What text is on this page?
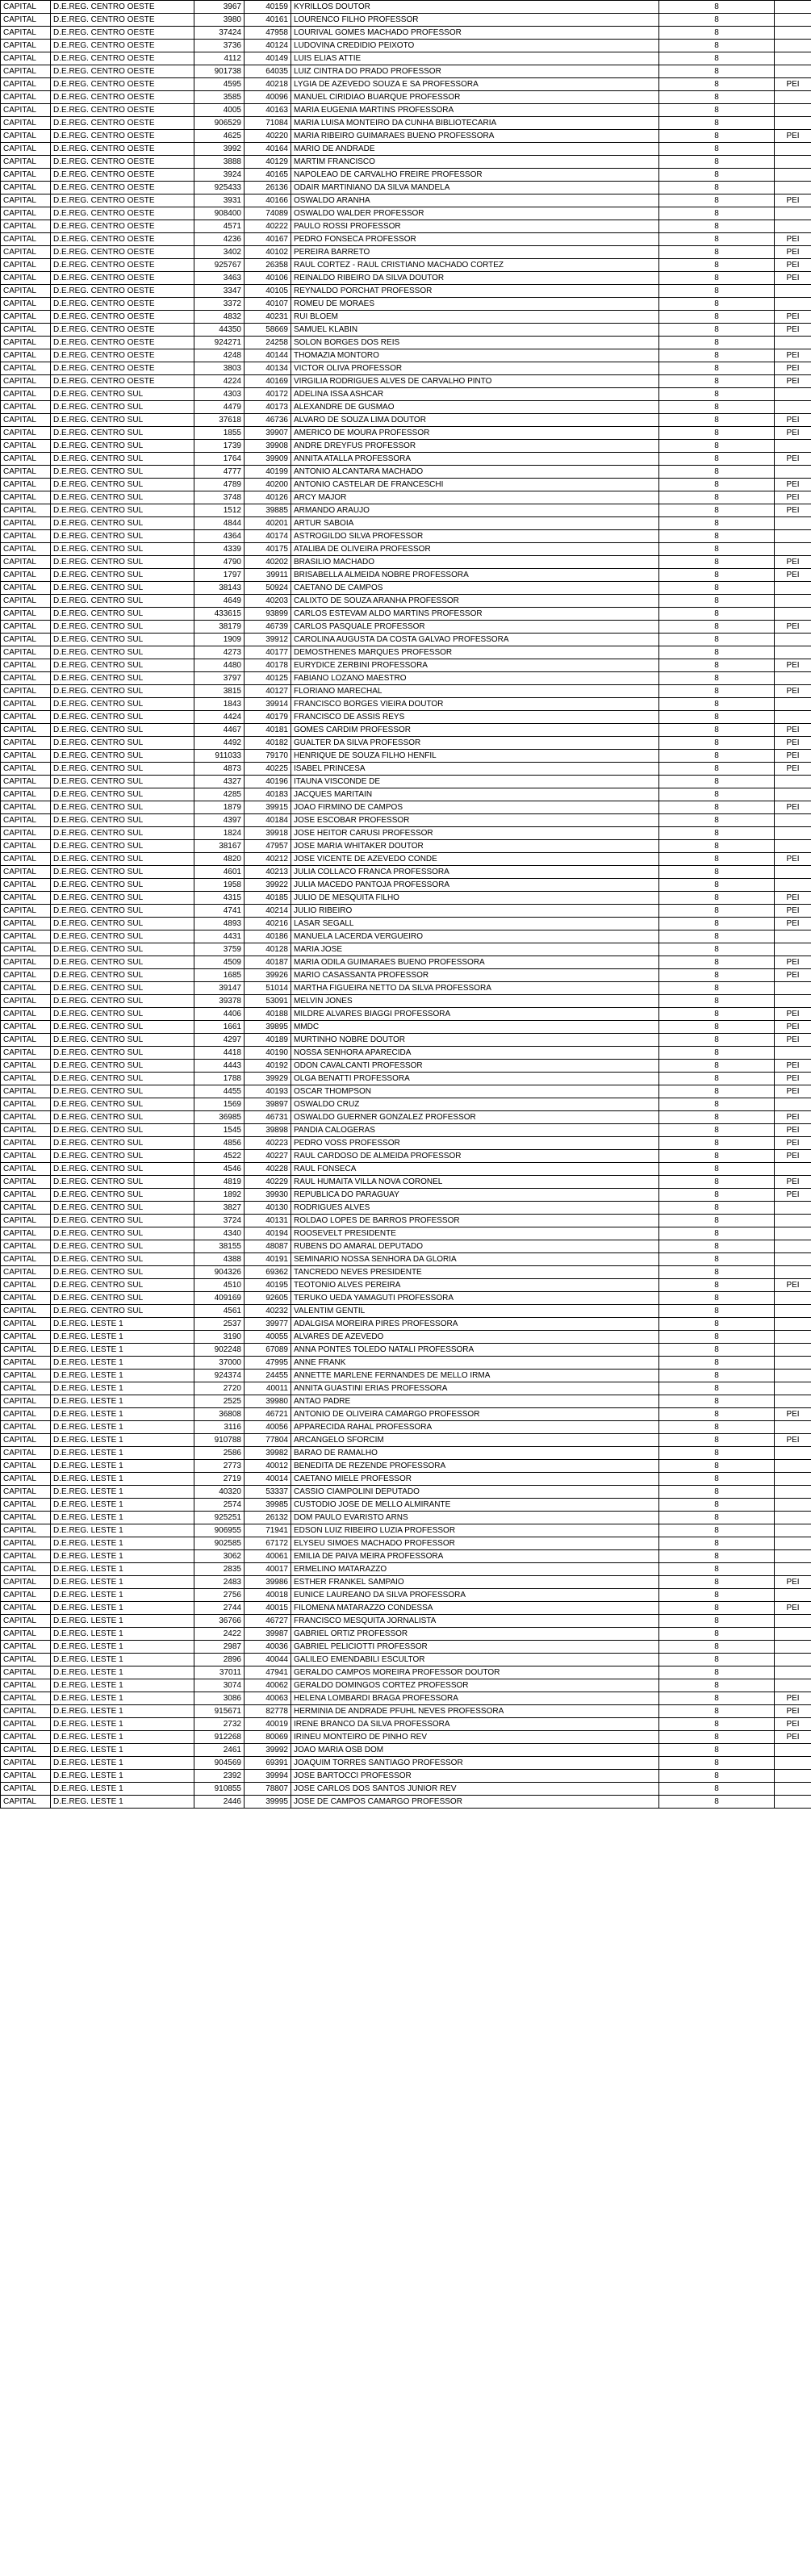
CAPITAL	D.E.REG. CENTRO OESTE	3967	40159	KYRILLOS DOUTOR	8	
CAPITAL	D.E.REG. CENTRO OESTE	3980	40161	LOURENCO FILHO PROFESSOR	8	
CAPITAL	D.E.REG. CENTRO OESTE	37424	47958	LOURIVAL GOMES MACHADO PROFESSOR	8	
CAPITAL	D.E.REG. CENTRO OESTE	3736	40124	LUDOVINA CREDIDIO PEIXOTO	8	
CAPITAL	D.E.REG. CENTRO OESTE	4112	40149	LUIS ELIAS ATTIE	8	
CAPITAL	D.E.REG. CENTRO OESTE	901738	64035	LUIZ CINTRA DO PRADO PROFESSOR	8	
CAPITAL	D.E.REG. CENTRO OESTE	4595	40218	LYGIA DE AZEVEDO SOUZA E SA PROFESSORA	8	PEI
CAPITAL	D.E.REG. CENTRO OESTE	3585	40096	MANUEL CIRIDIAO BUARQUE PROFESSOR	8	
CAPITAL	D.E.REG. CENTRO OESTE	4005	40163	MARIA EUGENIA MARTINS PROFESSORA	8	
CAPITAL	D.E.REG. CENTRO OESTE	906529	71084	MARIA LUISA MONTEIRO DA CUNHA BIBLIOTECARIA	8	
CAPITAL	D.E.REG. CENTRO OESTE	4625	40220	MARIA RIBEIRO GUIMARAES BUENO PROFESSORA	8	PEI
CAPITAL	D.E.REG. CENTRO OESTE	3992	40164	MARIO DE ANDRADE	8	
CAPITAL	D.E.REG. CENTRO OESTE	3888	40129	MARTIM FRANCISCO	8	
CAPITAL	D.E.REG. CENTRO OESTE	3924	40165	NAPOLEAO DE CARVALHO FREIRE PROFESSOR	8	
CAPITAL	D.E.REG. CENTRO OESTE	925433	26136	ODAIR MARTINIANO DA SILVA MANDELA	8	
CAPITAL	D.E.REG. CENTRO OESTE	3931	40166	OSWALDO ARANHA	8	PEI
CAPITAL	D.E.REG. CENTRO OESTE	908400	74089	OSWALDO WALDER PROFESSOR	8	
CAPITAL	D.E.REG. CENTRO OESTE	4571	40222	PAULO ROSSI PROFESSOR	8	
CAPITAL	D.E.REG. CENTRO OESTE	4236	40167	PEDRO FONSECA PROFESSOR	8	PEI
CAPITAL	D.E.REG. CENTRO OESTE	3402	40102	PEREIRA BARRETO	8	PEI
CAPITAL	D.E.REG. CENTRO OESTE	925767	26358	RAUL CORTEZ - RAUL CRISTIANO MACHADO CORTEZ	8	PEI
CAPITAL	D.E.REG. CENTRO OESTE	3463	40106	REINALDO RIBEIRO DA SILVA DOUTOR	8	PEI
CAPITAL	D.E.REG. CENTRO OESTE	3347	40105	REYNALDO PORCHAT PROFESSOR	8	
CAPITAL	D.E.REG. CENTRO OESTE	3372	40107	ROMEU DE MORAES	8	
CAPITAL	D.E.REG. CENTRO OESTE	4832	40231	RUI BLOEM	8	PEI
CAPITAL	D.E.REG. CENTRO OESTE	44350	58669	SAMUEL KLABIN	8	PEI
CAPITAL	D.E.REG. CENTRO OESTE	924271	24258	SOLON BORGES DOS REIS	8	
CAPITAL	D.E.REG. CENTRO OESTE	4248	40144	THOMAZIA MONTORO	8	PEI
CAPITAL	D.E.REG. CENTRO OESTE	3803	40134	VICTOR OLIVA PROFESSOR	8	PEI
CAPITAL	D.E.REG. CENTRO OESTE	4224	40169	VIRGILIA RODRIGUES ALVES DE CARVALHO PINTO	8	PEI
CAPITAL	D.E.REG. CENTRO SUL	4303	40172	ADELINA ISSA ASHCAR	8	
CAPITAL	D.E.REG. CENTRO SUL	4479	40173	ALEXANDRE DE GUSMAO	8	
CAPITAL	D.E.REG. CENTRO SUL	37618	46736	ALVARO DE SOUZA LIMA DOUTOR	8	PEI
CAPITAL	D.E.REG. CENTRO SUL	1855	39907	AMERICO DE MOURA PROFESSOR	8	PEI
CAPITAL	D.E.REG. CENTRO SUL	1739	39908	ANDRE DREYFUS PROFESSOR	8	
CAPITAL	D.E.REG. CENTRO SUL	1764	39909	ANNITA ATALLA PROFESSORA	8	PEI
CAPITAL	D.E.REG. CENTRO SUL	4777	40199	ANTONIO ALCANTARA MACHADO	8	
CAPITAL	D.E.REG. CENTRO SUL	4789	40200	ANTONIO CASTELAR DE FRANCESCHI	8	PEI
CAPITAL	D.E.REG. CENTRO SUL	3748	40126	ARCY MAJOR	8	PEI
CAPITAL	D.E.REG. CENTRO SUL	1512	39885	ARMANDO ARAUJO	8	PEI
CAPITAL	D.E.REG. CENTRO SUL	4844	40201	ARTUR SABOIA	8	
CAPITAL	D.E.REG. CENTRO SUL	4364	40174	ASTROGILDO SILVA PROFESSOR	8	
CAPITAL	D.E.REG. CENTRO SUL	4339	40175	ATALIBA DE OLIVEIRA PROFESSOR	8	
CAPITAL	D.E.REG. CENTRO SUL	4790	40202	BRASILIO MACHADO	8	PEI
CAPITAL	D.E.REG. CENTRO SUL	1797	39911	BRISABELLA ALMEIDA NOBRE PROFESSORA	8	PEI
CAPITAL	D.E.REG. CENTRO SUL	38143	50924	CAETANO DE CAMPOS	8	
CAPITAL	D.E.REG. CENTRO SUL	4649	40203	CALIXTO DE SOUZA ARANHA PROFESSOR	8	
CAPITAL	D.E.REG. CENTRO SUL	433615	93899	CARLOS ESTEVAM ALDO MARTINS PROFESSOR	8	
CAPITAL	D.E.REG. CENTRO SUL	38179	46739	CARLOS PASQUALE PROFESSOR	8	PEI
CAPITAL	D.E.REG. CENTRO SUL	1909	39912	CAROLINA AUGUSTA DA COSTA GALVAO PROFESSORA	8	
CAPITAL	D.E.REG. CENTRO SUL	4273	40177	DEMOSTHENES MARQUES PROFESSOR	8	
CAPITAL	D.E.REG. CENTRO SUL	4480	40178	EURYDICE ZERBINI PROFESSORA	8	PEI
CAPITAL	D.E.REG. CENTRO SUL	3797	40125	FABIANO LOZANO MAESTRO	8	
CAPITAL	D.E.REG. CENTRO SUL	3815	40127	FLORIANO MARECHAL	8	PEI
CAPITAL	D.E.REG. CENTRO SUL	1843	39914	FRANCISCO BORGES VIEIRA DOUTOR	8	
CAPITAL	D.E.REG. CENTRO SUL	4424	40179	FRANCISCO DE ASSIS REYS	8	
CAPITAL	D.E.REG. CENTRO SUL	4467	40181	GOMES CARDIM PROFESSOR	8	PEI
CAPITAL	D.E.REG. CENTRO SUL	4492	40182	GUALTER DA SILVA PROFESSOR	8	PEI
CAPITAL	D.E.REG. CENTRO SUL	911033	79170	HENRIQUE DE SOUZA FILHO HENFIL	8	PEI
CAPITAL	D.E.REG. CENTRO SUL	4873	40225	ISABEL PRINCESA	8	PEI
CAPITAL	D.E.REG. CENTRO SUL	4327	40196	ITAUNA VISCONDE DE	8	
CAPITAL	D.E.REG. CENTRO SUL	4285	40183	JACQUES MARITAIN	8	
CAPITAL	D.E.REG. CENTRO SUL	1879	39915	JOAO FIRMINO DE CAMPOS	8	PEI
CAPITAL	D.E.REG. CENTRO SUL	4397	40184	JOSE ESCOBAR PROFESSOR	8	
CAPITAL	D.E.REG. CENTRO SUL	1824	39918	JOSE HEITOR CARUSI PROFESSOR	8	
CAPITAL	D.E.REG. CENTRO SUL	38167	47957	JOSE MARIA WHITAKER DOUTOR	8	
CAPITAL	D.E.REG. CENTRO SUL	4820	40212	JOSE VICENTE DE AZEVEDO CONDE	8	PEI
CAPITAL	D.E.REG. CENTRO SUL	4601	40213	JULIA COLLACO FRANCA PROFESSORA	8	
CAPITAL	D.E.REG. CENTRO SUL	1958	39922	JULIA MACEDO PANTOJA PROFESSORA	8	
CAPITAL	D.E.REG. CENTRO SUL	4315	40185	JULIO DE MESQUITA FILHO	8	PEI
CAPITAL	D.E.REG. CENTRO SUL	4741	40214	JULIO RIBEIRO	8	PEI
CAPITAL	D.E.REG. CENTRO SUL	4893	40216	LASAR SEGALL	8	PEI
CAPITAL	D.E.REG. CENTRO SUL	4431	40186	MANUELA LACERDA VERGUEIRO	8	
CAPITAL	D.E.REG. CENTRO SUL	3759	40128	MARIA JOSE	8	
CAPITAL	D.E.REG. CENTRO SUL	4509	40187	MARIA ODILA GUIMARAES BUENO PROFESSORA	8	PEI
CAPITAL	D.E.REG. CENTRO SUL	1685	39926	MARIO CASASSANTA PROFESSOR	8	PEI
CAPITAL	D.E.REG. CENTRO SUL	39147	51014	MARTHA FIGUEIRA NETTO DA SILVA PROFESSORA	8	
CAPITAL	D.E.REG. CENTRO SUL	39378	53091	MELVIN JONES	8	
CAPITAL	D.E.REG. CENTRO SUL	4406	40188	MILDRE ALVARES BIAGGI PROFESSORA	8	PEI
CAPITAL	D.E.REG. CENTRO SUL	1661	39895	MMDC	8	PEI
CAPITAL	D.E.REG. CENTRO SUL	4297	40189	MURTINHO NOBRE DOUTOR	8	PEI
CAPITAL	D.E.REG. CENTRO SUL	4418	40190	NOSSA SENHORA APARECIDA	8	
CAPITAL	D.E.REG. CENTRO SUL	4443	40192	ODON CAVALCANTI PROFESSOR	8	PEI
CAPITAL	D.E.REG. CENTRO SUL	1788	39929	OLGA BENATTI PROFESSORA	8	PEI
CAPITAL	D.E.REG. CENTRO SUL	4455	40193	OSCAR THOMPSON	8	PEI
CAPITAL	D.E.REG. CENTRO SUL	1569	39897	OSWALDO CRUZ	8	
CAPITAL	D.E.REG. CENTRO SUL	36985	46731	OSWALDO GUERNER GONZALEZ PROFESSOR	8	PEI
CAPITAL	D.E.REG. CENTRO SUL	1545	39898	PANDIA CALOGERAS	8	PEI
CAPITAL	D.E.REG. CENTRO SUL	4856	40223	PEDRO VOSS PROFESSOR	8	PEI
CAPITAL	D.E.REG. CENTRO SUL	4522	40227	RAUL CARDOSO DE ALMEIDA PROFESSOR	8	PEI
CAPITAL	D.E.REG. CENTRO SUL	4546	40228	RAUL FONSECA	8	
CAPITAL	D.E.REG. CENTRO SUL	4819	40229	RAUL HUMAITA VILLA NOVA CORONEL	8	PEI
CAPITAL	D.E.REG. CENTRO SUL	1892	39930	REPUBLICA DO PARAGUAY	8	PEI
CAPITAL	D.E.REG. CENTRO SUL	3827	40130	RODRIGUES ALVES	8	
CAPITAL	D.E.REG. CENTRO SUL	3724	40131	ROLDAO LOPES DE BARROS PROFESSOR	8	
CAPITAL	D.E.REG. CENTRO SUL	4340	40194	ROOSEVELT PRESIDENTE	8	
CAPITAL	D.E.REG. CENTRO SUL	38155	48087	RUBENS DO AMARAL DEPUTADO	8	
CAPITAL	D.E.REG. CENTRO SUL	4388	40191	SEMINARIO NOSSA SENHORA DA GLORIA	8	
CAPITAL	D.E.REG. CENTRO SUL	904326	69362	TANCREDO NEVES PRESIDENTE	8	
CAPITAL	D.E.REG. CENTRO SUL	4510	40195	TEOTONIO ALVES PEREIRA	8	PEI
CAPITAL	D.E.REG. CENTRO SUL	409169	92605	TERUKO UEDA YAMAGUTI PROFESSORA	8	
CAPITAL	D.E.REG. CENTRO SUL	4561	40232	VALENTIM GENTIL	8	
CAPITAL	D.E.REG. LESTE 1	2537	39977	ADALGISA MOREIRA PIRES PROFESSORA	8	
CAPITAL	D.E.REG. LESTE 1	3190	40055	ALVARES DE AZEVEDO	8	
CAPITAL	D.E.REG. LESTE 1	902248	67089	ANNA PONTES TOLEDO NATALI PROFESSORA	8	
CAPITAL	D.E.REG. LESTE 1	37000	47995	ANNE FRANK	8	
CAPITAL	D.E.REG. LESTE 1	924374	24455	ANNETTE MARLENE FERNANDES DE MELLO IRMA	8	
CAPITAL	D.E.REG. LESTE 1	2720	40011	ANNITA GUASTINI ERIAS PROFESSORA	8	
CAPITAL	D.E.REG. LESTE 1	2525	39980	ANTAO PADRE	8	
CAPITAL	D.E.REG. LESTE 1	36808	46721	ANTONIO DE OLIVEIRA CAMARGO PROFESSOR	8	PEI
CAPITAL	D.E.REG. LESTE 1	3116	40056	APPARECIDA RAHAL PROFESSORA	8	
CAPITAL	D.E.REG. LESTE 1	910788	77804	ARCANGELO SFORCIM	8	PEI
CAPITAL	D.E.REG. LESTE 1	2586	39982	BARAO DE RAMALHO	8	
CAPITAL	D.E.REG. LESTE 1	2773	40012	BENEDITA DE REZENDE PROFESSORA	8	
CAPITAL	D.E.REG. LESTE 1	2719	40014	CAETANO MIELE PROFESSOR	8	
CAPITAL	D.E.REG. LESTE 1	40320	53337	CASSIO CIAMPOLINI DEPUTADO	8	
CAPITAL	D.E.REG. LESTE 1	2574	39985	CUSTODIO JOSE DE MELLO ALMIRANTE	8	
CAPITAL	D.E.REG. LESTE 1	925251	26132	DOM PAULO EVARISTO ARNS	8	
CAPITAL	D.E.REG. LESTE 1	906955	71941	EDSON LUIZ RIBEIRO LUZIA PROFESSOR	8	
CAPITAL	D.E.REG. LESTE 1	902585	67172	ELYSEU SIMOES MACHADO PROFESSOR	8	
CAPITAL	D.E.REG. LESTE 1	3062	40061	EMILIA DE PAIVA MEIRA PROFESSORA	8	
CAPITAL	D.E.REG. LESTE 1	2835	40017	ERMELINO MATARAZZO	8	
CAPITAL	D.E.REG. LESTE 1	2483	39986	ESTHER FRANKEL SAMPAIO	8	PEI
CAPITAL	D.E.REG. LESTE 1	2756	40018	EUNICE LAUREANO DA SILVA PROFESSORA	8	
CAPITAL	D.E.REG. LESTE 1	2744	40015	FILOMENA MATARAZZO CONDESSA	8	PEI
CAPITAL	D.E.REG. LESTE 1	36766	46727	FRANCISCO MESQUITA JORNALISTA	8	
CAPITAL	D.E.REG. LESTE 1	2422	39987	GABRIEL ORTIZ PROFESSOR	8	
CAPITAL	D.E.REG. LESTE 1	2987	40036	GABRIEL PELICIOTTI PROFESSOR	8	
CAPITAL	D.E.REG. LESTE 1	2896	40044	GALILEO EMENDABILI ESCULTOR	8	
CAPITAL	D.E.REG. LESTE 1	37011	47941	GERALDO CAMPOS MOREIRA PROFESSOR DOUTOR	8	
CAPITAL	D.E.REG. LESTE 1	3074	40062	GERALDO DOMINGOS CORTEZ PROFESSOR	8	
CAPITAL	D.E.REG. LESTE 1	3086	40063	HELENA LOMBARDI BRAGA PROFESSORA	8	PEI
CAPITAL	D.E.REG. LESTE 1	915671	82778	HERMINIA DE ANDRADE PFUHL NEVES PROFESSORA	8	PEI
CAPITAL	D.E.REG. LESTE 1	2732	40019	IRENE BRANCO DA SILVA PROFESSORA	8	PEI
CAPITAL	D.E.REG. LESTE 1	912268	80069	IRINEU MONTEIRO DE PINHO REV	8	PEI
CAPITAL	D.E.REG. LESTE 1	2461	39992	JOAO MARIA OSB DOM	8	
CAPITAL	D.E.REG. LESTE 1	904569	69391	JOAQUIM TORRES SANTIAGO PROFESSOR	8	
CAPITAL	D.E.REG. LESTE 1	2392	39994	JOSE BARTOCCI PROFESSOR	8	
CAPITAL	D.E.REG. LESTE 1	910855	78807	JOSE CARLOS DOS SANTOS JUNIOR REV	8	
CAPITAL	D.E.REG. LESTE 1	2446	39995	JOSE DE CAMPOS CAMARGO PROFESSOR	8	
